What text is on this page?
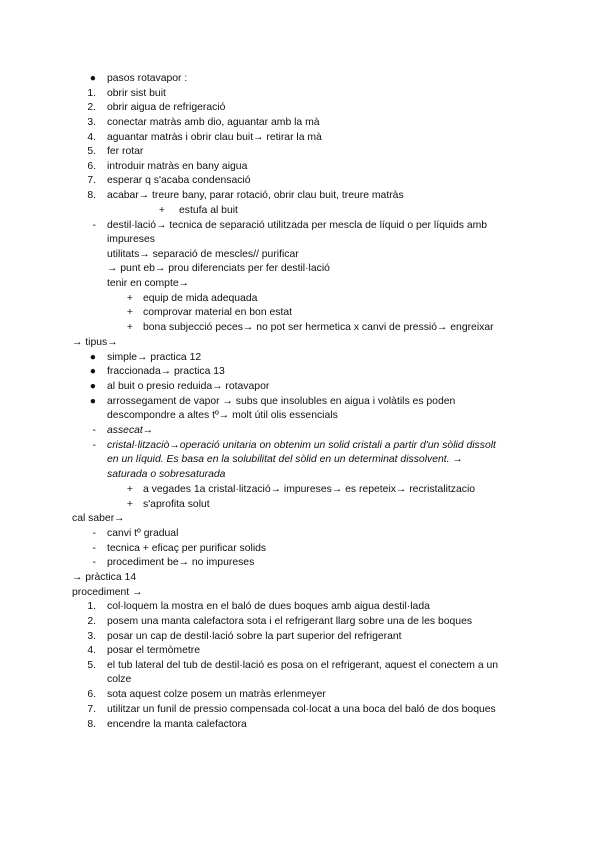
● pasos rotavapor :
1. obrir sist buit
2. obrir aigua de refrigeració
3. conectar matràs amb dio, aguantar amb la mà
4. aguantar matràs i obrir clau buit→ retirar la mà
5. fer rotar
6. introduir matràs en bany aigua
7. esperar q s'acaba condensació
8. acabar→ treure bany, parar rotació, obrir clau buit, treure matràs
+ estufa al buit
- destil·lació→ tecnica de separació utilitzada per mescla de líquid o per líquids amb
impureses
utilitats→ separació de mescles// purificar
→ punt eb→ prou diferenciats per fer destil·lació
tenir en compte→
+ equip de mida adequada
+ comprovar material en bon estat
+ bona subjecció peces→ no pot ser hermetica x canvi de pressió→ engreixar
→ tipus→
● simple→ practica 12
● fraccionada→ practica 13
● al buit o presio reduida→ rotavapor
● arrossegament de vapor → subs que insolubles en aigua i volàtils es poden
descompondre a altes tº→ molt útil olis essencials
- assecat→
- cristal·litzaciò→operació unitaria on obtenim un solid cristali a partir d'un sòlid dissolt
en un líquid. Es basa en la solubilitat del sòlid en un determinat dissolvent. →
saturada o sobresaturada
+ a vegades 1a cristal·lització→ impureses→ es repeteix→ recristalitzacio
+ s'aprofita solut
cal saber→
- canvi tº gradual
- tecnica + eficaç per purificar solids
- procediment be→ no impureses
→ pràctica 14
procediment →
1. col·loquem la mostra en el baló de dues boques amb aigua destil·lada
2. posem una manta calefactora sota i el refrigerant llarg sobre una de les boques
3. posar un cap de destil·lació sobre la part superior del refrigerant
4. posar el termòmetre
5. el tub lateral del tub de destil·lació es posa on el refrigerant, aquest el conectem a un
colze
6. sota aquest colze posem un matràs erlenmeyer
7. utilitzar un funil de pressio compensada col·locat a una boca del baló de dos boques
8. encendre la manta calefactora
